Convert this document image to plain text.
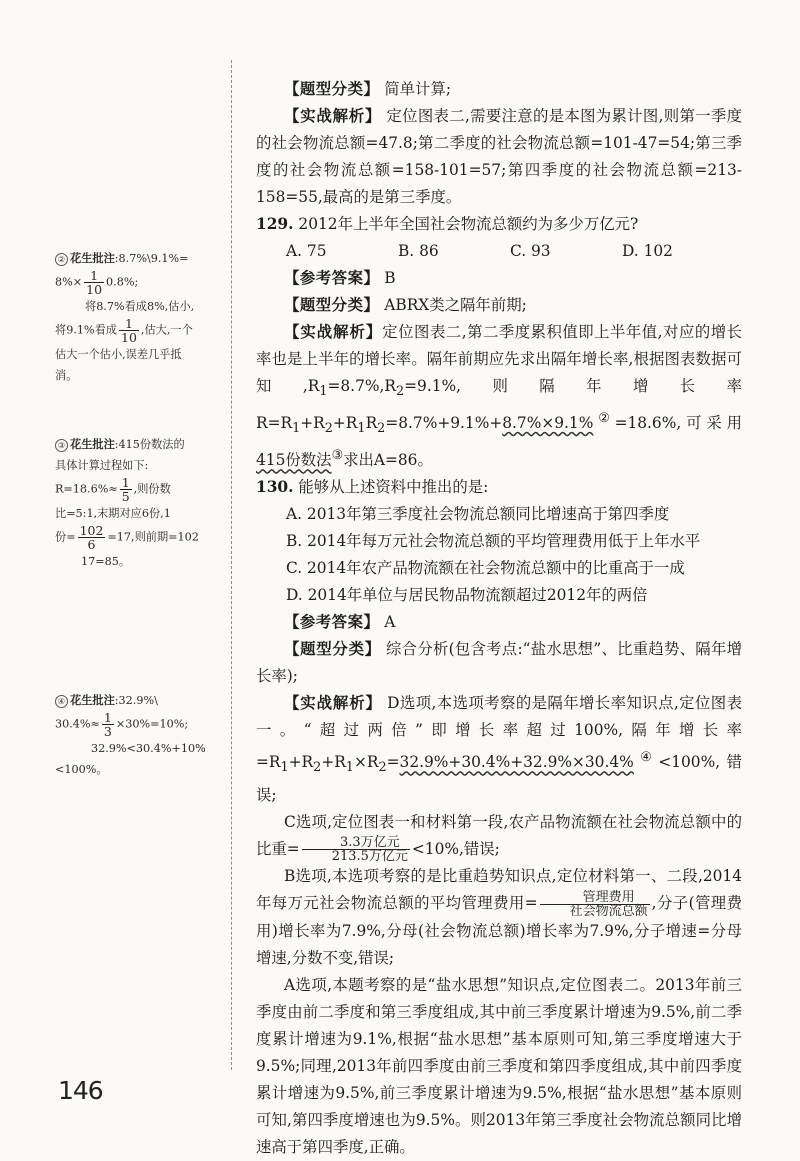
② 花生批注:8.7%\9.1%=
$8\%\times \frac{1}{10} 0.8\%$;
将8.7%看成8%,估小,
将9.1%看成 $\frac{1}{10}$ ,估大,一个
估大一个估小,误差几乎抵
消。
③ 花生批注:415份数法的
具体计算过程如下:
$R=18.6\%\approx \frac{1}{5}$ ,则份数
比=5:1,末期对应6份,1
份= $\frac{102}{6} =17$,则前期=102
17=85。
④ 花生批注:32.9%\
$30.4\%\approx \frac{1}{3} \times 30\%=10\%$;
32.9%<30.4%+10%
<100%。

【题型分类】 简单计算;

【实战解析】 定位图表二,需要注意的是本图为累计图,则第一季度的社会物流总额=47.8;第二季度的社会物流总额=101-47=54;第三季度的社会物流总额=158-101=57;第四季度的社会物流总额=213-158=55,最高的是第三季度。

129. 2012年上半年全国社会物流总额约为多少万亿元?

A. 75	B. 86	C. 93	D. 102

【参考答案】 B

【题型分类】 ABRX类之隔年前期;

【实战解析】定位图表二,第二季度累积值即上半年值,对应的增长率也是上半年的增长率。隔年前期应先求出隔年增长率,根据图表数据可知$,R_1=8.7\%,R_2=9.1\%$,则隔年增长率$R=R_1+R_2+R_1R_2=8.7\%+9.1\%+8.7\%\times 9.1\%^②=18.6\%$,可采用415份数法③求出A=86。

130. 能够从上述资料中推出的是:

A. 2013年第三季度社会物流总额同比增速高于第四季度

B. 2014年每万元社会物流总额的平均管理费用低于上年水平

C. 2014年农产品物流额在社会物流总额中的比重高于一成

D. 2014年单位与居民物品物流额超过2012年的两倍

【参考答案】 A

【题型分类】 综合分析(包含考点:“盐水思想”、比重趋势、隔年增长率);

【实战解析】 D选项,本选项考察的是隔年增长率知识点,定位图表一。“超过两倍”即增长率超过100%,隔年增长率$=R_1+R_2+R_1\times R_2=32.9\%+30.4\%+32.9\%\times 30.4\%^④<100\%$,错误;

C选项,定位图表一和材料第一段,农产品物流额在社会物流总额中的比重= $\frac{\text{3.3万亿元}}{\text{213.5万亿元}} <10\%$,错误;

B选项,本选项考察的是比重趋势知识点,定位材料第一、二段,2014年每万元社会物流总额的平均管理费用= $\frac{\text{管理费用}}{\text{社会物流总额}}$ ,分子(管理费用)增长率为7.9%,分母(社会物流总额)增长率为7.9%,分子增速=分母增速,分数不变,错误;

A选项,本题考察的是“盐水思想”知识点,定位图表二。2013年前三季度由前二季度和第三季度组成,其中前三季度累计增速为9.5%,前二季度累计增速为9.1%,根据“盐水思想”基本原则可知,第三季度增速大于9.5%;同理,2013年前四季度由前三季度和第四季度组成,其中前四季度累计增速为9.5%,前三季度累计增速为9.5%,根据“盐水思想”基本原则可知,第四季度增速也为9.5%。则2013年第三季度社会物流总额同比增速高于第四季度,正确。

146
